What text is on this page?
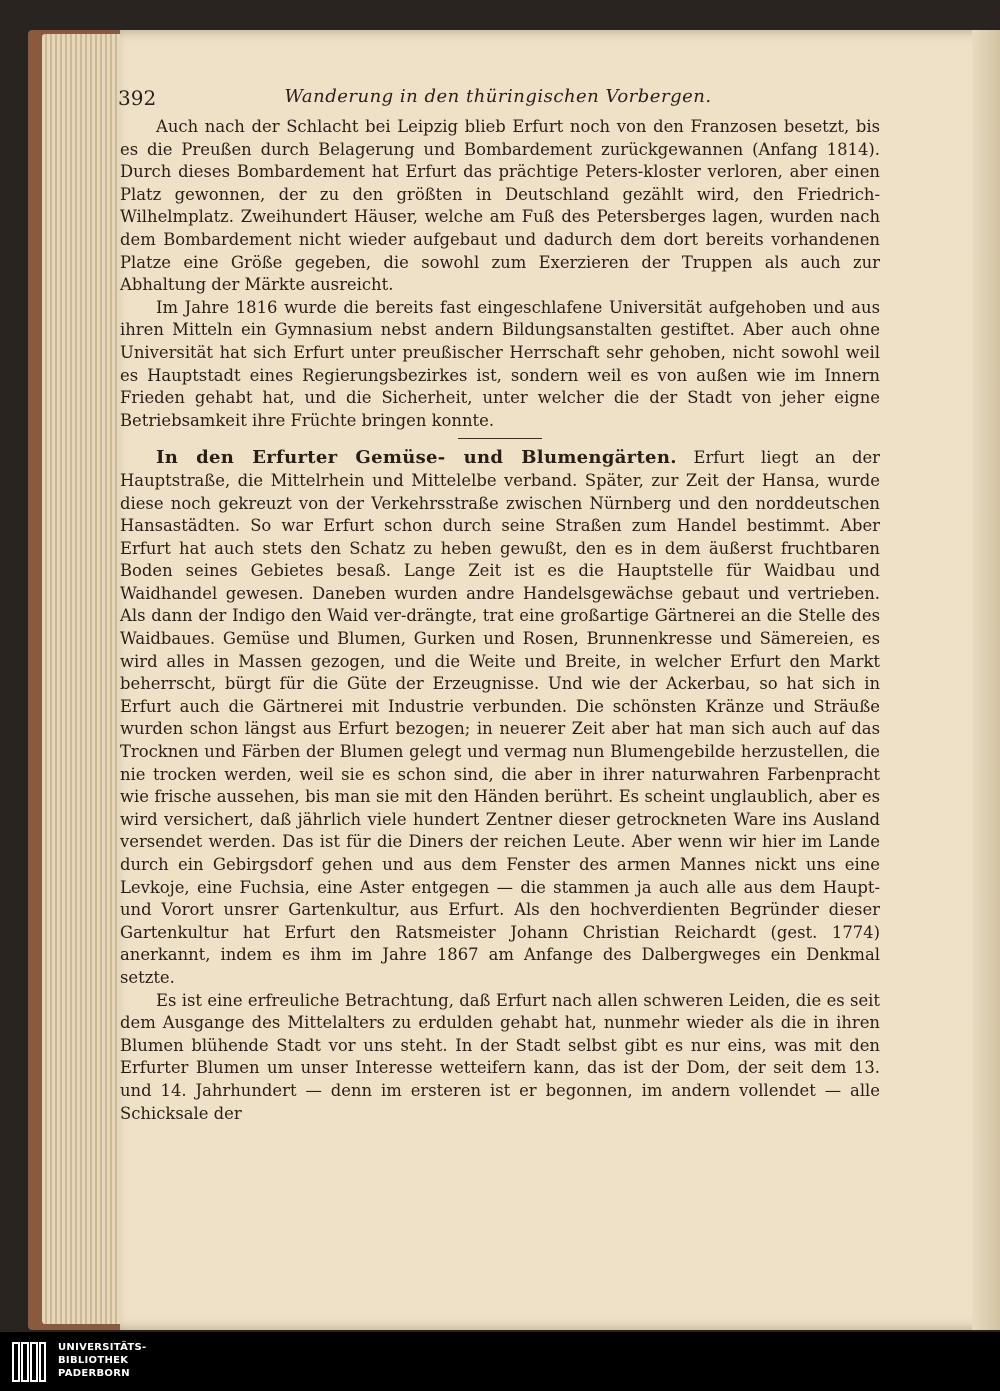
392	Wanderung in den thüringischen Vorbergen.

Auch nach der Schlacht bei Leipzig blieb Erfurt noch von den Franzosen besetzt, bis es die Preußen durch Belagerung und Bombardement zurückgewannen (Anfang 1814). Durch dieses Bombardement hat Erfurt das prächtige Peters-kloster verloren, aber einen Platz gewonnen, der zu den größten in Deutschland gezählt wird, den Friedrich-Wilhelmplatz. Zweihundert Häuser, welche am Fuß des Petersberges lagen, wurden nach dem Bombardement nicht wieder aufgebaut und dadurch dem dort bereits vorhandenen Platze eine Größe gegeben, die sowohl zum Exerzieren der Truppen als auch zur Abhaltung der Märkte ausreicht.

Im Jahre 1816 wurde die bereits fast eingeschlafene Universität aufgehoben und aus ihren Mitteln ein Gymnasium nebst andern Bildungsanstalten gestiftet. Aber auch ohne Universität hat sich Erfurt unter preußischer Herrschaft sehr gehoben, nicht sowohl weil es Hauptstadt eines Regierungsbezirkes ist, sondern weil es von außen wie im Innern Frieden gehabt hat, und die Sicherheit, unter welcher die der Stadt von jeher eigne Betriebsamkeit ihre Früchte bringen konnte.

In den Erfurter Gemüse- und Blumengärten. Erfurt liegt an der Hauptstraße, die Mittelrhein und Mittelelbe verband. Später, zur Zeit der Hansa, wurde diese noch gekreuzt von der Verkehrsstraße zwischen Nürnberg und den norddeutschen Hansastädten. So war Erfurt schon durch seine Straßen zum Handel bestimmt. Aber Erfurt hat auch stets den Schatz zu heben gewußt, den es in dem äußerst fruchtbaren Boden seines Gebietes besaß. Lange Zeit ist es die Hauptstelle für Waidbau und Waidhandel gewesen. Daneben wurden andre Handelsgewächse gebaut und vertrieben. Als dann der Indigo den Waid ver-drängte, trat eine großartige Gärtnerei an die Stelle des Waidbaues. Gemüse und Blumen, Gurken und Rosen, Brunnenkresse und Sämereien, es wird alles in Massen gezogen, und die Weite und Breite, in welcher Erfurt den Markt beherrscht, bürgt für die Güte der Erzeugnisse. Und wie der Ackerbau, so hat sich in Erfurt auch die Gärtnerei mit Industrie verbunden. Die schönsten Kränze und Sträuße wurden schon längst aus Erfurt bezogen; in neuerer Zeit aber hat man sich auch auf das Trocknen und Färben der Blumen gelegt und vermag nun Blumengebilde herzustellen, die nie trocken werden, weil sie es schon sind, die aber in ihrer naturwahren Farbenpracht wie frische aussehen, bis man sie mit den Händen berührt. Es scheint unglaublich, aber es wird versichert, daß jährlich viele hundert Zentner dieser getrockneten Ware ins Ausland versendet werden. Das ist für die Diners der reichen Leute. Aber wenn wir hier im Lande durch ein Gebirgsdorf gehen und aus dem Fenster des armen Mannes nickt uns eine Levkoje, eine Fuchsia, eine Aster entgegen — die stammen ja auch alle aus dem Haupt- und Vorort unsrer Gartenkultur, aus Erfurt. Als den hochverdienten Begründer dieser Gartenkultur hat Erfurt den Ratsmeister Johann Christian Reichardt (gest. 1774) anerkannt, indem es ihm im Jahre 1867 am Anfange des Dalbergweges ein Denkmal setzte.

Es ist eine erfreuliche Betrachtung, daß Erfurt nach allen schweren Leiden, die es seit dem Ausgange des Mittelalters zu erdulden gehabt hat, nunmehr wieder als die in ihren Blumen blühende Stadt vor uns steht. In der Stadt selbst gibt es nur eins, was mit den Erfurter Blumen um unser Interesse wetteifern kann, das ist der Dom, der seit dem 13. und 14. Jahrhundert — denn im ersteren ist er begonnen, im andern vollendet — alle Schicksale der

UNIVERSITÄTS-
BIBLIOTHEK
PADERBORN
